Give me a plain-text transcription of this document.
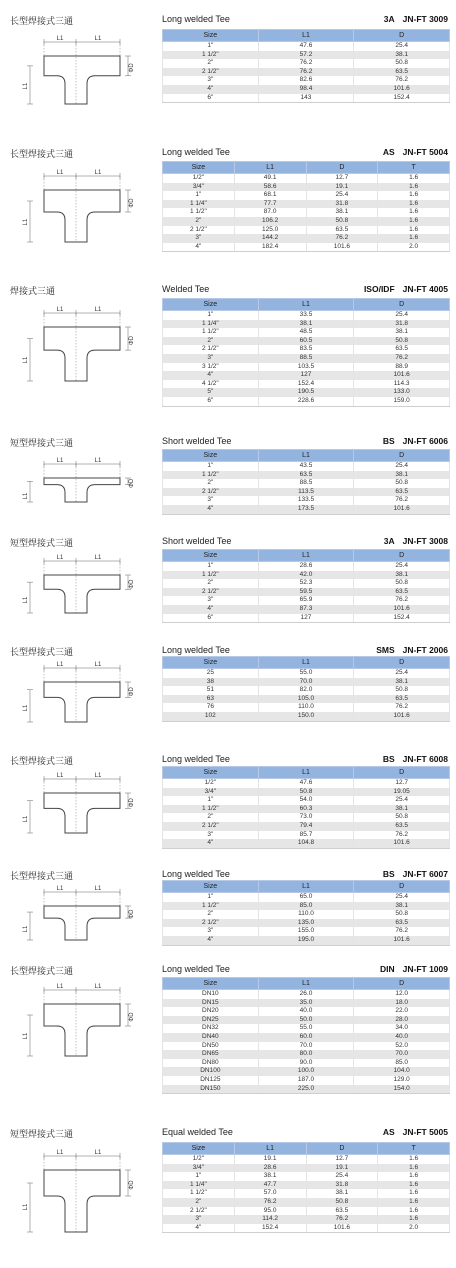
长型焊接式三通	Long welded Tee	3A JN-FT 3009
L1	L1
L1
ΦD
Size	L1	D
1"	47.6	25.4
1 1/2"	57.2	38.1
2"	76.2	50.8
2 1/2"	76.2	63.5
3"	82.6	76.2
4"	98.4	101.6
6"	143	152.4
长型焊接式三通	Long welded Tee	AS JN-FT 5004
L1	L1
L1
ΦD
Size	L1	D	T
1/2"	49.1	12.7	1.6
3/4"	58.6	19.1	1.6
1"	68.1	25.4	1.6
1 1/4"	77.7	31.8	1.6
1 1/2"	87.0	38.1	1.6
2"	106.2	50.8	1.6
2 1/2"	125.0	63.5	1.6
3"	144.2	76.2	1.6
4"	182.4	101.6	2.0
焊接式三通	Welded Tee	ISO/IDF JN-FT 4005
L1	L1
L1
ΦD
Size	L1	D
1"	33.5	25.4
1 1/4"	38.1	31.8
1 1/2"	48.5	38.1
2"	60.5	50.8
2 1/2"	83.5	63.5
3"	88.5	76.2
3 1/2"	103.5	88.9
4"	127	101.6
4 1/2"	152.4	114.3
5"	190.5	133.0
6"	228.6	159.0
短型焊接式三通	Short welded Tee	BS JN-FT 6006
L1	L1
L1
ΦD
Size	L1	D
1"	43.5	25.4
1 1/2"	63.5	38.1
2"	88.5	50.8
2 1/2"	113.5	63.5
3"	133.5	76.2
4"	173.5	101.6
短型焊接式三通	Short welded Tee	3A JN-FT 3008
L1	L1
L1
ΦD
Size	L1	D
1"	28.6	25.4
1 1/2"	42.0	38.1
2"	52.3	50.8
2 1/2"	59.5	63.5
3"	65.9	76.2
4"	87.3	101.6
6"	127	152.4
长型焊接式三通	Long welded Tee	SMS JN-FT 2006
L1	L1
L1
ΦD
Size	L1	D
25	55.0	25.4
38	70.0	38.1
51	82.0	50.8
63	105.0	63.5
76	110.0	76.2
102	150.0	101.6
长型焊接式三通	Long welded Tee	BS JN-FT 6008
L1	L1
L1
ΦD
Size	L1	D
1/2"	47.6	12.7
3/4"	50.8	19.05
1"	54.0	25.4
1 1/2"	60.3	38.1
2"	73.0	50.8
2 1/2"	79.4	63.5
3"	85.7	76.2
4"	104.8	101.6
长型焊接式三通	Long welded Tee	BS JN-FT 6007
L1	L1
L1
ΦD
Size	L1	D
1"	65.0	25.4
1 1/2"	85.0	38.1
2"	110.0	50.8
2 1/2"	135.0	63.5
3"	155.0	76.2
4"	195.0	101.6
长型焊接式三通	Long welded Tee	DIN JN-FT 1009
L1	L1
L1
ΦD
Size	L1	D
DN10	26.0	12.0
DN15	35.0	18.0
DN20	40.0	22.0
DN25	50.0	28.0
DN32	55.0	34.0
DN40	60.0	40.0
DN50	70.0	52.0
DN65	80.0	70.0
DN80	90.0	85.0
DN100	100.0	104.0
DN125	187.0	129.0
DN150	225.0	154.0
短型焊接式三通	Equal welded Tee	AS JN-FT 5005
L1	L1
L1
ΦD
Size	L1	D	T
1/2"	19.1	12.7	1.6
3/4"	28.6	19.1	1.6
1"	38.1	25.4	1.6
1 1/4"	47.7	31.8	1.6
1 1/2"	57.0	38.1	1.6
2"	76.2	50.8	1.6
2 1/2"	95.0	63.5	1.6
3"	114.2	76.2	1.6
4"	152.4	101.6	2.0
